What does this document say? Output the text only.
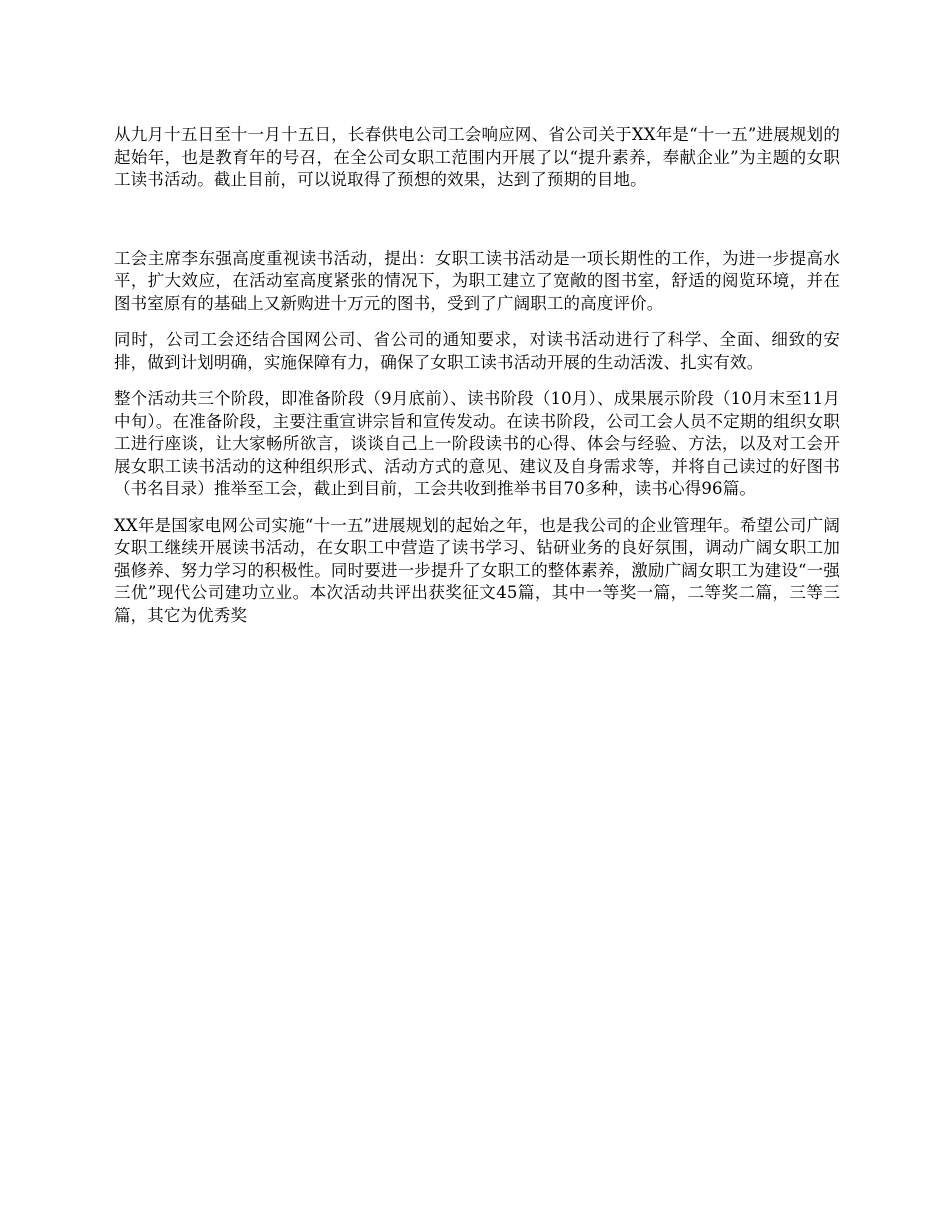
从九月十五日至十一月十五日，长春供电公司工会响应网、省公司关于XX年是“十一五”进展规划的起始年，也是教育年的号召，在全公司女职工范围内开展了以“提升素养，奉献企业”为主题的女职工读书活动。截止目前，可以说取得了预想的效果，达到了预期的目地。

工会主席李东强高度重视读书活动，提出：女职工读书活动是一项长期性的工作，为进一步提高水平，扩大效应，在活动室高度紧张的情况下，为职工建立了宽敞的图书室，舒适的阅览环境，并在图书室原有的基础上又新购进十万元的图书，受到了广阔职工的高度评价。

同时，公司工会还结合国网公司、省公司的通知要求，对读书活动进行了科学、全面、细致的安排，做到计划明确，实施保障有力，确保了女职工读书活动开展的生动活泼、扎实有效。

整个活动共三个阶段，即准备阶段（9月底前）、读书阶段（10月）、成果展示阶段（10月末至11月中旬）。在准备阶段，主要注重宣讲宗旨和宣传发动。在读书阶段，公司工会人员不定期的组织女职工进行座谈，让大家畅所欲言，谈谈自己上一阶段读书的心得、体会与经验、方法，以及对工会开展女职工读书活动的这种组织形式、活动方式的意见、建议及自身需求等，并将自己读过的好图书（书名目录）推举至工会，截止到目前，工会共收到推举书目70多种，读书心得96篇。

XX年是国家电网公司实施“十一五”进展规划的起始之年，也是我公司的企业管理年。希望公司广阔女职工继续开展读书活动，在女职工中营造了读书学习、钻研业务的良好氛围，调动广阔女职工加强修养、努力学习的积极性。同时要进一步提升了女职工的整体素养，激励广阔女职工为建设“一强三优”现代公司建功立业。本次活动共评出获奖征文45篇，其中一等奖一篇，二等奖二篇，三等三篇，其它为优秀奖
